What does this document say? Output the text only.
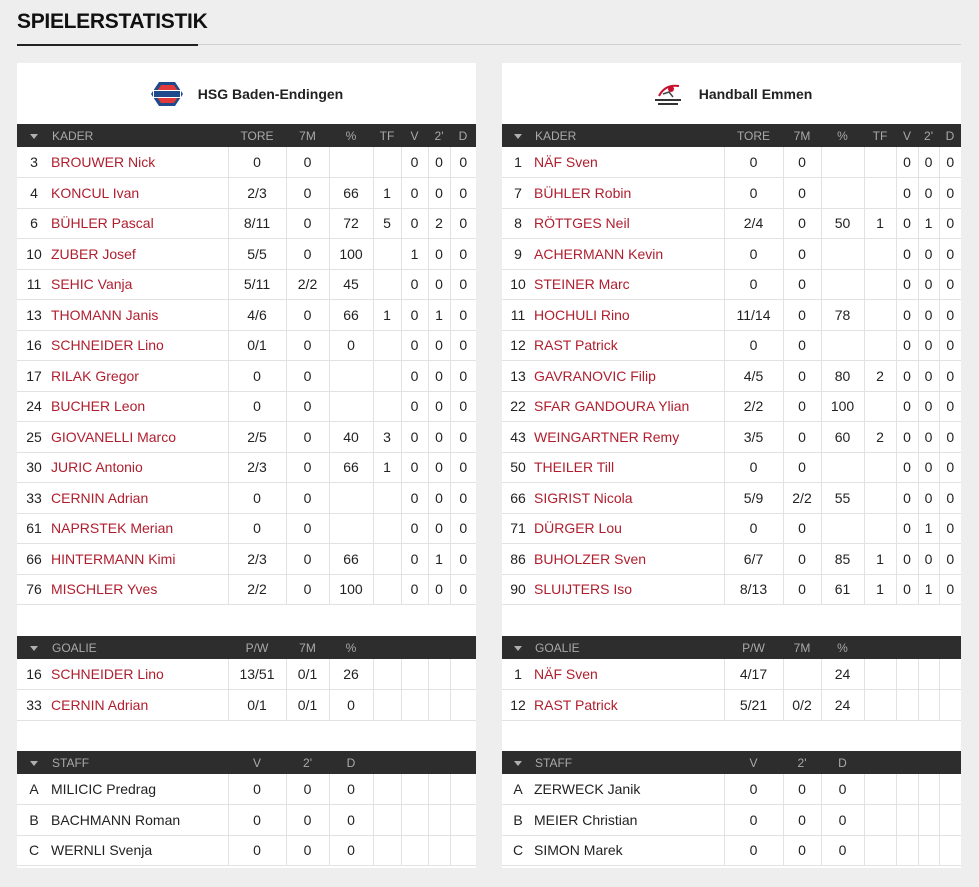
SPIELERSTATISTIK
HSG Baden-Endingen
	KADER	TORE	7M	%	TF	V	2'	D
3	BROUWER Nick	0	0			0	0	0
4	KONCUL Ivan	2/3	0	66	1	0	0	0
6	BÜHLER Pascal	8/11	0	72	5	0	2	0
10	ZUBER Josef	5/5	0	100		1	0	0
11	SEHIC Vanja	5/11	2/2	45		0	0	0
13	THOMANN Janis	4/6	0	66	1	0	1	0
16	SCHNEIDER Lino	0/1	0	0		0	0	0
17	RILAK Gregor	0	0			0	0	0
24	BUCHER Leon	0	0			0	0	0
25	GIOVANELLI Marco	2/5	0	40	3	0	0	0
30	JURIC Antonio	2/3	0	66	1	0	0	0
33	CERNIN Adrian	0	0			0	0	0
61	NAPRSTEK Merian	0	0			0	0	0
66	HINTERMANN Kimi	2/3	0	66		0	1	0
76	MISCHLER Yves	2/2	0	100		0	0	0
	GOALIE	P/W	7M	%				
16	SCHNEIDER Lino	13/51	0/1	26				
33	CERNIN Adrian	0/1	0/1	0				
	STAFF	V	2'	D				
A	MILICIC Predrag	0	0	0				
B	BACHMANN Roman	0	0	0				
C	WERNLI Svenja	0	0	0				
Handball Emmen
	KADER	TORE	7M	%	TF	V	2'	D
1	NÄF Sven	0	0			0	0	0
7	BÜHLER Robin	0	0			0	0	0
8	RÖTTGES Neil	2/4	0	50	1	0	1	0
9	ACHERMANN Kevin	0	0			0	0	0
10	STEINER Marc	0	0			0	0	0
11	HOCHULI Rino	11/14	0	78		0	0	0
12	RAST Patrick	0	0			0	0	0
13	GAVRANOVIC Filip	4/5	0	80	2	0	0	0
22	SFAR GANDOURA Ylian	2/2	0	100		0	0	0
43	WEINGARTNER Remy	3/5	0	60	2	0	0	0
50	THEILER Till	0	0			0	0	0
66	SIGRIST Nicola	5/9	2/2	55		0	0	0
71	DÜRGER Lou	0	0			0	1	0
86	BUHOLZER Sven	6/7	0	85	1	0	0	0
90	SLUIJTERS Iso	8/13	0	61	1	0	1	0
	GOALIE	P/W	7M	%				
1	NÄF Sven	4/17		24				
12	RAST Patrick	5/21	0/2	24				
	STAFF	V	2'	D				
A	ZERWECK Janik	0	0	0				
B	MEIER Christian	0	0	0				
C	SIMON Marek	0	0	0				
